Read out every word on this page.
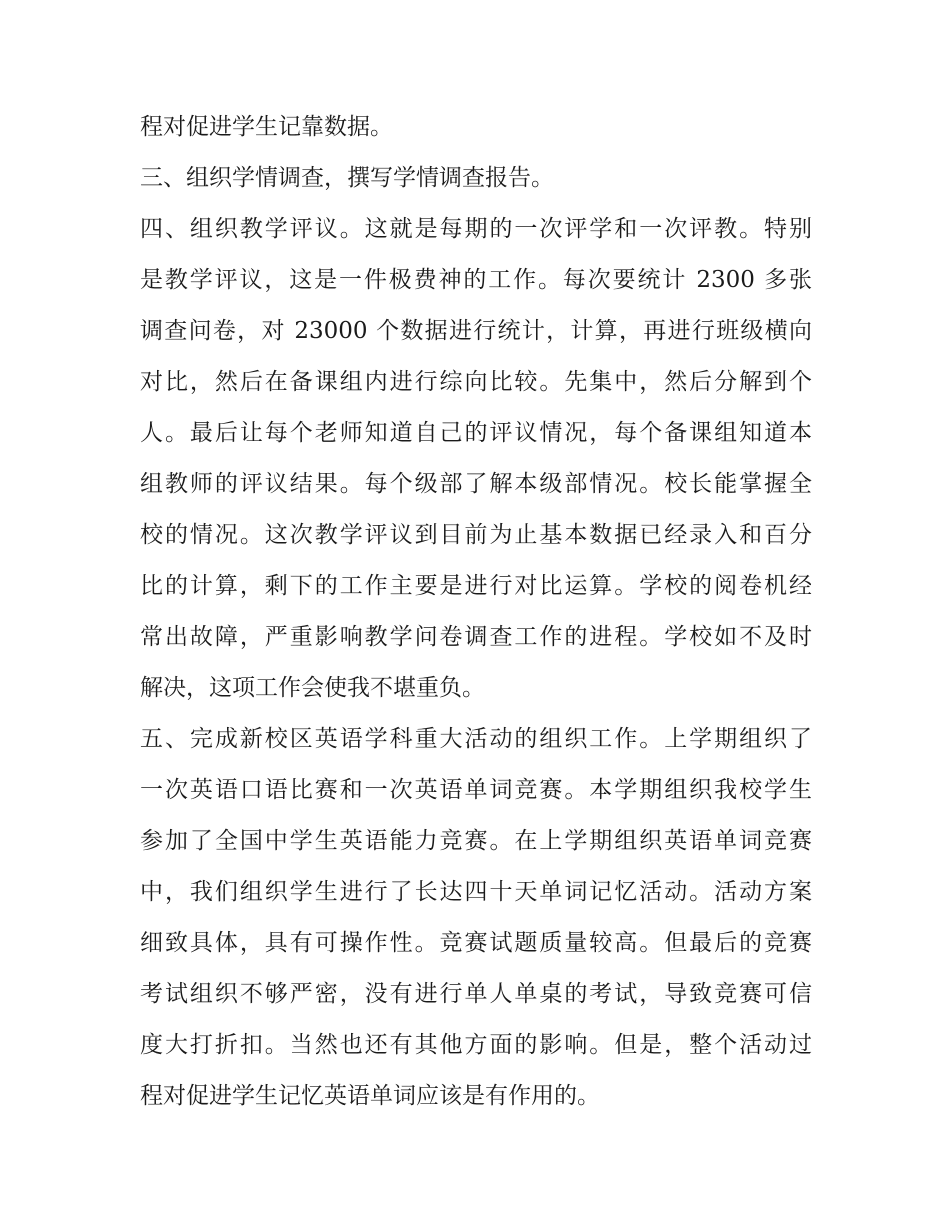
程对促进学生记靠数据。
三、组织学情调查，撰写学情调查报告。
四、组织教学评议。这就是每期的一次评学和一次评教。特别
是教学评议，这是一件极费神的工作。每次要统计 2300 多张
调查问卷，对 23000 个数据进行统计，计算，再进行班级横向
对比，然后在备课组内进行综向比较。先集中，然后分解到个
人。最后让每个老师知道自己的评议情况，每个备课组知道本
组教师的评议结果。每个级部了解本级部情况。校长能掌握全
校的情况。这次教学评议到目前为止基本数据已经录入和百分
比的计算，剩下的工作主要是进行对比运算。学校的阅卷机经
常出故障，严重影响教学问卷调查工作的进程。学校如不及时
解决，这项工作会使我不堪重负。
五、完成新校区英语学科重大活动的组织工作。上学期组织了
一次英语口语比赛和一次英语单词竞赛。本学期组织我校学生
参加了全国中学生英语能力竞赛。在上学期组织英语单词竞赛
中，我们组织学生进行了长达四十天单词记忆活动。活动方案
细致具体，具有可操作性。竞赛试题质量较高。但最后的竞赛
考试组织不够严密，没有进行单人单桌的考试，导致竞赛可信
度大打折扣。当然也还有其他方面的影响。但是，整个活动过
程对促进学生记忆英语单词应该是有作用的。
